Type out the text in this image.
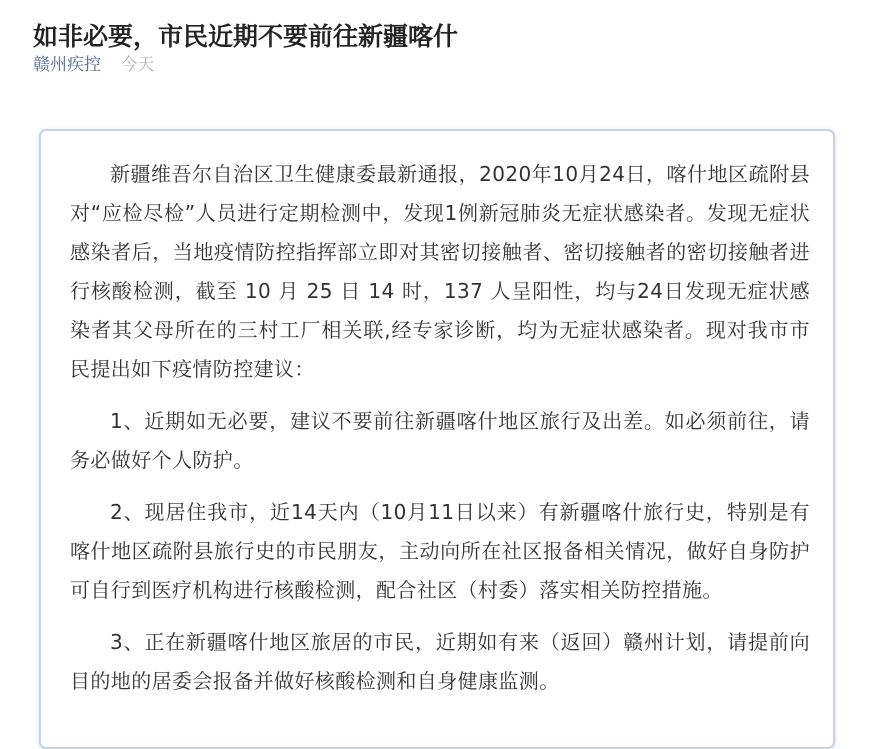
如非必要，市民近期不要前往新疆喀什
赣州疾控 今天

新疆维吾尔自治区卫生健康委最新通报，2020年10月24日，喀什地区疏附县对“应检尽检”人员进行定期检测中，发现1例新冠肺炎无症状感染者。发现无症状感染者后，当地疫情防控指挥部立即对其密切接触者、密切接触者的密切接触者进行核酸检测，截至 10 月 25 日 14 时，137 人呈阳性，均与24日发现无症状感染者其父母所在的三村工厂相关联,经专家诊断，均为无症状感染者。现对我市市民提出如下疫情防控建议：

1、近期如无必要，建议不要前往新疆喀什地区旅行及出差。如必须前往，请务必做好个人防护。

2、现居住我市，近14天内（10月11日以来）有新疆喀什旅行史，特别是有喀什地区疏附县旅行史的市民朋友，主动向所在社区报备相关情况，做好自身防护可自行到医疗机构进行核酸检测，配合社区（村委）落实相关防控措施。

3、正在新疆喀什地区旅居的市民，近期如有来（返回）赣州计划，请提前向目的地的居委会报备并做好核酸检测和自身健康监测。
